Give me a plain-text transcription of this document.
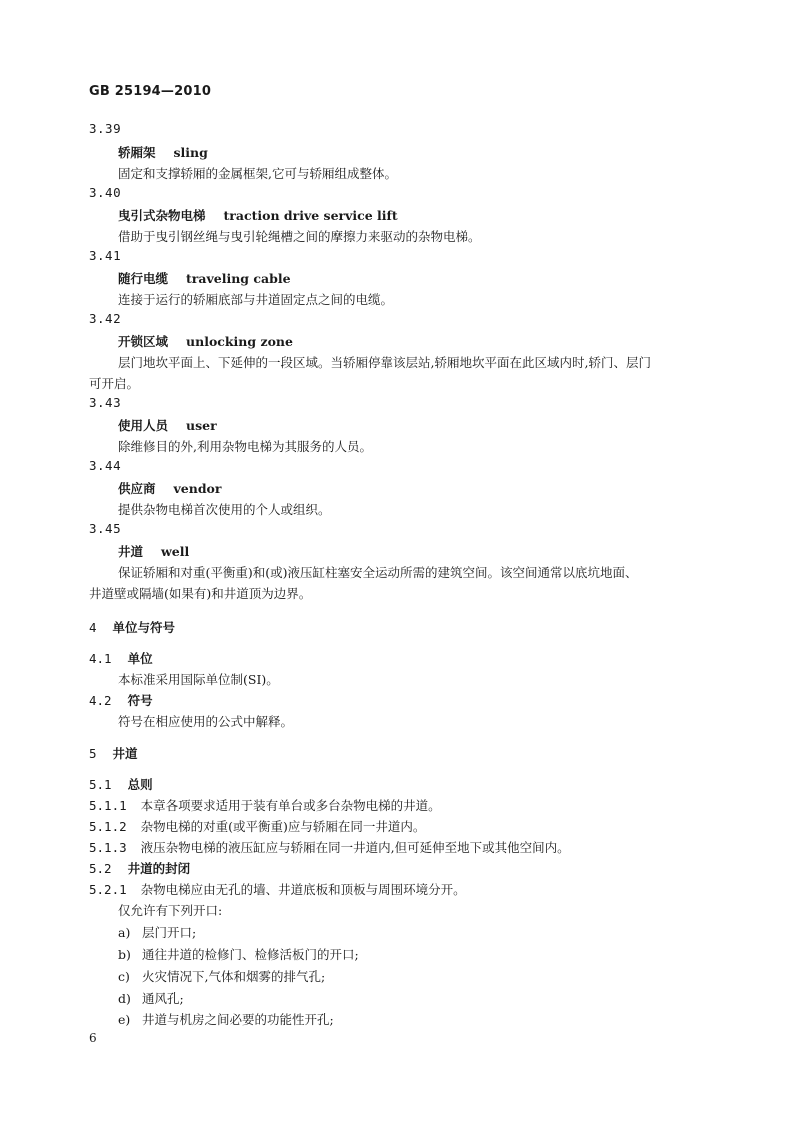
GB 25194—2010
3.39
轿厢架 sling
固定和支撑轿厢的金属框架,它可与轿厢组成整体。
3.40
曳引式杂物电梯 traction drive service lift
借助于曳引钢丝绳与曳引轮绳槽之间的摩擦力来驱动的杂物电梯。
3.41
随行电缆 traveling cable
连接于运行的轿厢底部与井道固定点之间的电缆。
3.42
开锁区域 unlocking zone
层门地坎平面上、下延伸的一段区域。当轿厢停靠该层站,轿厢地坎平面在此区域内时,轿门、层门
可开启。
3.43
使用人员 user
除维修目的外,利用杂物电梯为其服务的人员。
3.44
供应商 vendor
提供杂物电梯首次使用的个人或组织。
3.45
井道 well
保证轿厢和对重(平衡重)和(或)液压缸柱塞安全运动所需的建筑空间。该空间通常以底坑地面、
井道壁或隔墙(如果有)和井道顶为边界。
4 单位与符号
4.1 单位
本标准采用国际单位制(SI)。
4.2 符号
符号在相应使用的公式中解释。
5 井道
5.1 总则
5.1.1 本章各项要求适用于装有单台或多台杂物电梯的井道。
5.1.2 杂物电梯的对重(或平衡重)应与轿厢在同一井道内。
5.1.3 液压杂物电梯的液压缸应与轿厢在同一井道内,但可延伸至地下或其他空间内。
5.2 井道的封闭
5.2.1 杂物电梯应由无孔的墙、井道底板和顶板与周围环境分开。
仅允许有下列开口:
a) 层门开口;
b) 通往井道的检修门、检修活板门的开口;
c) 火灾情况下,气体和烟雾的排气孔;
d) 通风孔;
e) 井道与机房之间必要的功能性开孔;
6
